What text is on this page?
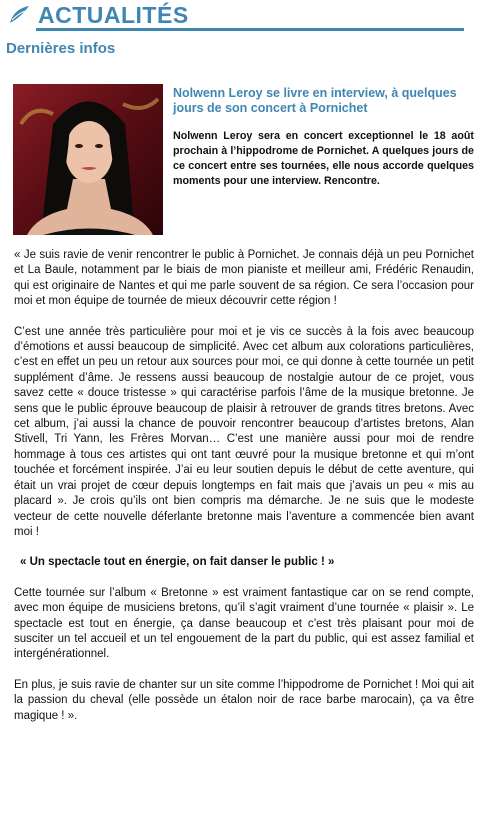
ACTUALITÉS
Dernières infos
Nolwenn Leroy se livre en interview, à quelques jours de son concert à Pornichet
Nolwenn Leroy sera en concert exceptionnel le 18 août prochain à l’hippodrome de Pornichet. A quelques jours de ce concert entre ses tournées, elle nous accorde quelques moments pour une interview. Rencontre.

« Je suis ravie de venir rencontrer le public à Pornichet. Je connais déjà un peu Pornichet et La Baule, notamment par le biais de mon pianiste et meilleur ami, Frédéric Renaudin, qui est originaire de Nantes et qui me parle souvent de sa région. Ce sera l’occasion pour moi et mon équipe de tournée de mieux découvrir cette région !

C’est une année très particulière pour moi et je vis ce succès à la fois avec beaucoup d’émotions et aussi beaucoup de simplicité. Avec cet album aux colorations particulières, c’est en effet un peu un retour aux sources pour moi, ce qui donne à cette tournée un petit supplément d’âme. Je ressens aussi beaucoup de nostalgie autour de ce projet, vous savez cette « douce tristesse » qui caractérise parfois l’âme de la musique bretonne. Je sens que le public éprouve beaucoup de plaisir à retrouver de grands titres bretons. Avec cet album, j’ai aussi la chance de pouvoir rencontrer beaucoup d’artistes bretons, Alan Stivell, Tri Yann, les Frères Morvan… C’est une manière aussi pour moi de rendre hommage à tous ces artistes qui ont tant œuvré pour la musique bretonne et qui m’ont touchée et forcément inspirée. J’ai eu leur soutien depuis le début de cette aventure, qui était un vrai projet de cœur depuis longtemps en fait mais que j’avais un peu « mis au placard ». Je crois qu’ils ont bien compris ma démarche. Je ne suis que le modeste vecteur de cette nouvelle déferlante bretonne mais l’aventure a commencée bien avant moi !

« Un spectacle tout en énergie, on fait danser le public ! »

Cette tournée sur l’album « Bretonne » est vraiment fantastique car on se rend compte, avec mon équipe de musiciens bretons, qu’il s’agit vraiment d’une tournée « plaisir ». Le spectacle est tout en énergie, ça danse beaucoup et c’est très plaisant pour moi de susciter un tel accueil et un tel engouement de la part du public, qui est assez familial et intergénérationnel.

En plus, je suis ravie de chanter sur un site comme l’hippodrome de Pornichet ! Moi qui ait la passion du cheval (elle possède un étalon noir de race barbe marocain), ça va être magique ! ».
